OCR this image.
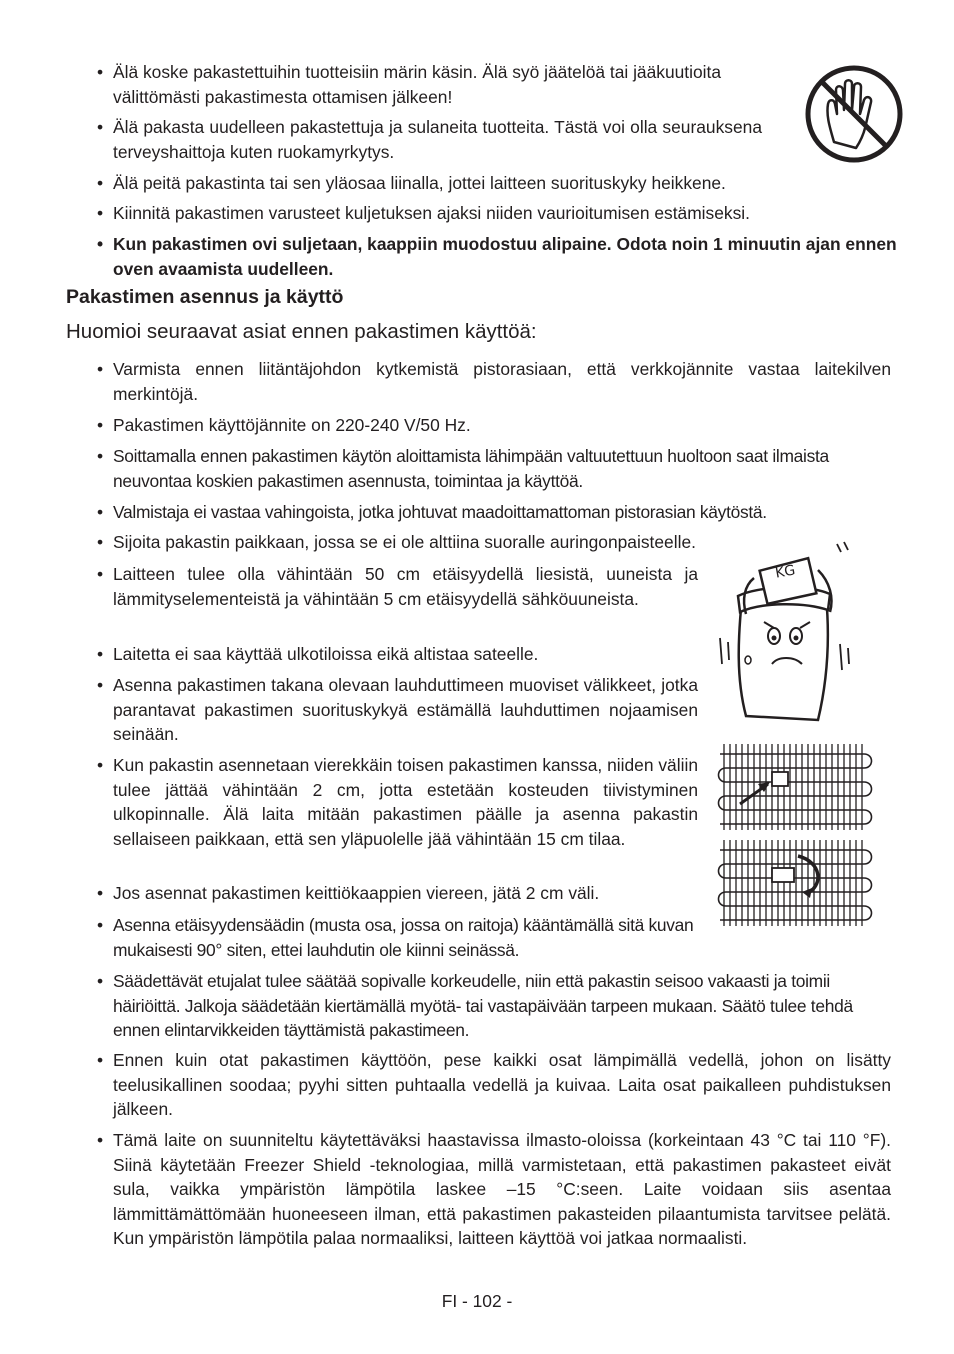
• Älä koske pakastettuihin tuotteisiin märin käsin. Älä syö jäätelöä tai jääkuutioita välittömästi pakastimesta ottamisen jälkeen!
• Älä pakasta uudelleen pakastettuja ja sulaneita tuotteita. Tästä voi olla seurauksena terveyshaittoja kuten ruokamyrkytys.
• Älä peitä pakastinta tai sen yläosaa liinalla, jottei laitteen suorituskyky heikkene.
• Kiinnitä pakastimen varusteet kuljetuksen ajaksi niiden vaurioitumisen estämiseksi.
• Kun pakastimen ovi suljetaan, kaappiin muodostuu alipaine. Odota noin 1 minuutin ajan ennen oven avaamista uudelleen.
Pakastimen asennus ja käyttö
Huomioi seuraavat asiat ennen pakastimen käyttöä:
• Varmista ennen liitäntäjohdon kytkemistä pistorasiaan, että verkkojännite vastaa laitekilven merkintöjä.
• Pakastimen käyttöjännite on 220-240 V/50 Hz.
• Soittamalla ennen pakastimen käytön aloittamista lähimpään valtuutettuun huoltoon saat ilmaista neuvontaa koskien pakastimen asennusta, toimintaa ja käyttöä.
• Valmistaja ei vastaa vahingoista, jotka johtuvat maadoittamattoman pistorasian käytöstä.
• Sijoita pakastin paikkaan, jossa se ei ole alttiina suoralle auringonpaisteelle.
• Laitteen tulee olla vähintään 50 cm etäisyydellä liesistä, uuneista ja lämmityselementeistä ja vähintään 5 cm etäisyydellä sähköuuneista.
• Laitetta ei saa käyttää ulkotiloissa eikä altistaa sateelle.
• Asenna pakastimen takana olevaan lauhduttimeen muoviset välikkeet, jotka parantavat pakastimen suorituskykyä estämällä lauhduttimen nojaamisen seinään.
• Kun pakastin asennetaan vierekkäin toisen pakastimen kanssa, niiden väliin tulee jättää vähintään 2 cm, jotta estetään kosteuden tiivistyminen ulkopinnalle. Älä laita mitään pakastimen päälle ja asenna pakastin sellaiseen paikkaan, että sen yläpuolelle jää vähintään 15 cm tilaa.
• Jos asennat pakastimen keittiökaappien viereen, jätä 2 cm väli.
• Asenna etäisyydensäädin (musta osa, jossa on raitoja) kääntämällä sitä kuvan mukaisesti 90° siten, ettei lauhdutin ole kiinni seinässä.
• Säädettävät etujalat tulee säätää sopivalle korkeudelle, niin että pakastin seisoo vakaasti ja toimii häiriöittä. Jalkoja säädetään kiertämällä myötä- tai vastapäivään tarpeen mukaan. Säätö tulee tehdä ennen elintarvikkeiden täyttämistä pakastimeen.
• Ennen kuin otat pakastimen käyttöön, pese kaikki osat lämpimällä vedellä, johon on lisätty teelusikallinen soodaa; pyyhi sitten puhtaalla vedellä ja kuivaa. Laita osat paikalleen puhdistuksen jälkeen.
• Tämä laite on suunniteltu käytettäväksi haastavissa ilmasto-oloissa (korkeintaan 43 °C tai 110 °F). Siinä käytetään Freezer Shield -teknologiaa, millä varmistetaan, että pakastimen pakasteet eivät sula, vaikka ympäristön lämpötila laskee –15 °C:seen. Laite voidaan siis asentaa lämmittämättömään huoneeseen ilman, että pakastimen pakasteiden pilaantumista tarvitsee pelätä. Kun ympäristön lämpötila palaa normaaliksi, laitteen käyttöä voi jatkaa normaalisti.
KG
FI - 102 -
